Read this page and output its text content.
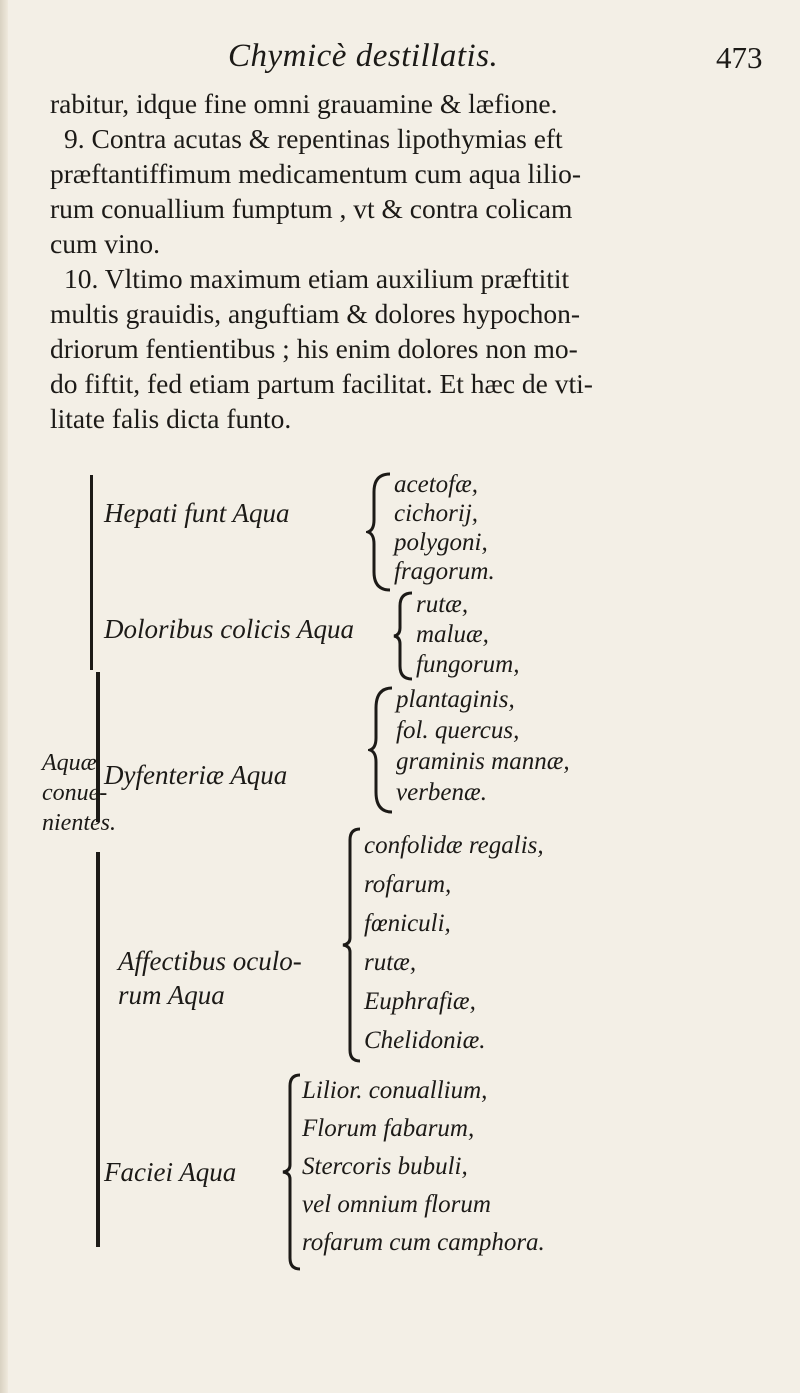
Chymicè destillatis.	473
rabitur, idque fine omni grauamine & læfione.
9. Contra acutas & repentinas lipothymias eft
præftantiffimum medicamentum cum aqua lilio-
rum conuallium fumptum , vt & contra colicam
cum vino.
10. Vltimo maximum etiam auxilium præftitit
multis grauidis, anguftiam & dolores hypochon-
driorum fentientibus ; his enim dolores non mo-
do fiftit, fed etiam partum facilitat. Et hæc de vti-
litate falis dicta funto.
Aquæ
conue-
nientes.
Hepati funt Aqua
acetofæ,
cichorij,
polygoni,
fragorum.
Doloribus colicis Aqua
rutæ,
maluæ,
fungorum,
Dyfenteriæ Aqua
plantaginis,
fol. quercus,
graminis mannæ,
verbenæ.
Affectibus oculo-
rum Aqua
confolidæ regalis,
rofarum,
fœniculi,
rutæ,
Euphrafiæ,
Chelidoniæ.
Faciei Aqua
Lilior. conuallium,
Florum fabarum,
Stercoris bubuli,
vel omnium florum
rofarum cum camphora.
